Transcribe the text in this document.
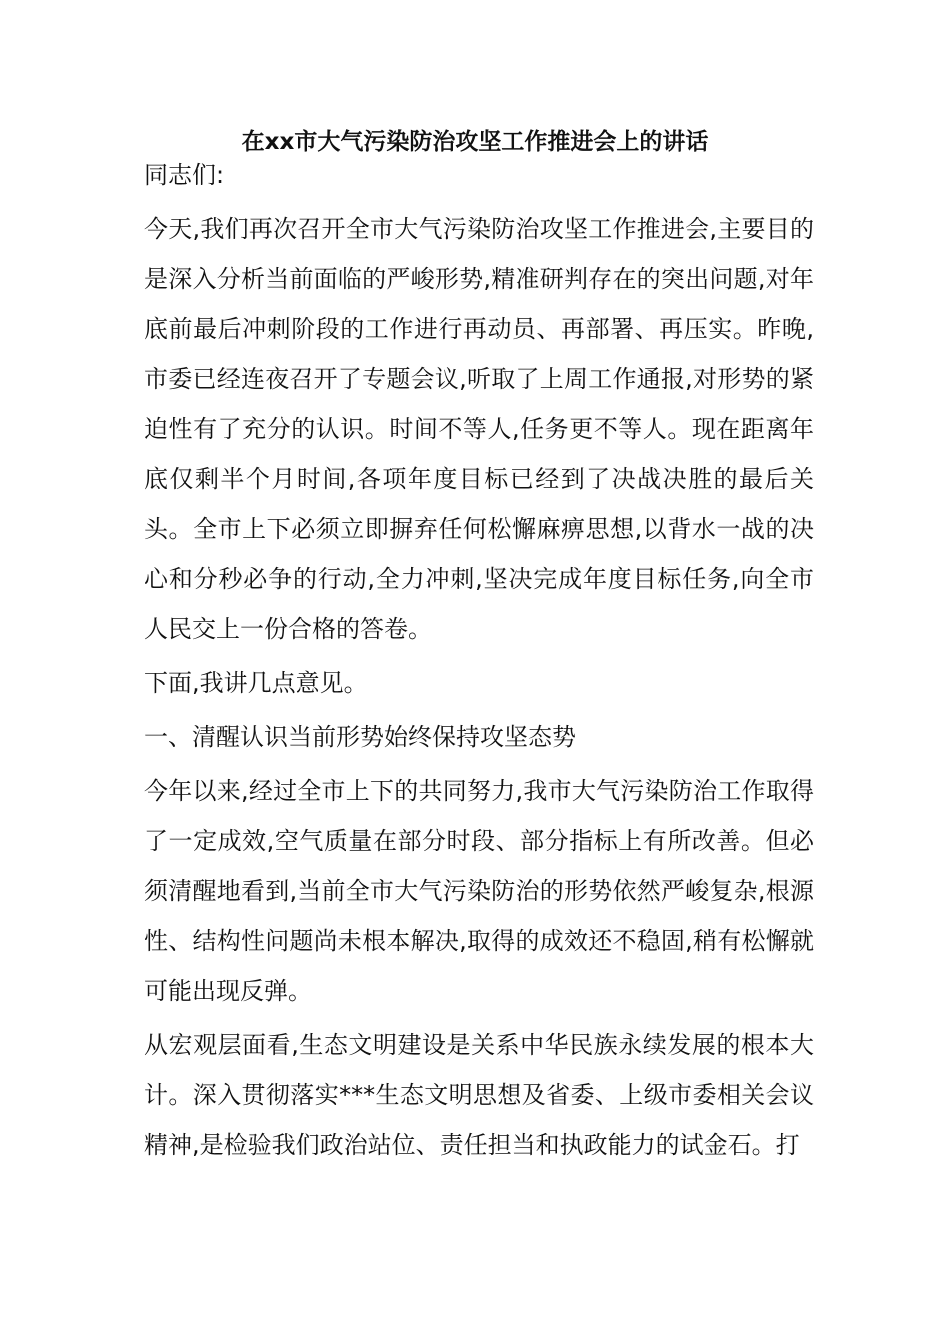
在xx市大气污染防治攻坚工作推进会上的讲话

同志们:

今天,我们再次召开全市大气污染防治攻坚工作推进会,主要目的是深入分析当前面临的严峻形势,精准研判存在的突出问题,对年底前最后冲刺阶段的工作进行再动员、再部署、再压实。昨晚,市委已经连夜召开了专题会议,听取了上周工作通报,对形势的紧迫性有了充分的认识。时间不等人,任务更不等人。现在距离年底仅剩半个月时间,各项年度目标已经到了决战决胜的最后关头。全市上下必须立即摒弃任何松懈麻痹思想,以背水一战的决心和分秒必争的行动,全力冲刺,坚决完成年度目标任务,向全市人民交上一份合格的答卷。

下面,我讲几点意见。

一、清醒认识当前形势始终保持攻坚态势

今年以来,经过全市上下的共同努力,我市大气污染防治工作取得了一定成效,空气质量在部分时段、部分指标上有所改善。但必须清醒地看到,当前全市大气污染防治的形势依然严峻复杂,根源性、结构性问题尚未根本解决,取得的成效还不稳固,稍有松懈就可能出现反弹。

从宏观层面看,生态文明建设是关系中华民族永续发展的根本大计。深入贯彻落实***生态文明思想及省委、上级市委相关会议精神,是检验我们政治站位、责任担当和执政能力的试金石。打
